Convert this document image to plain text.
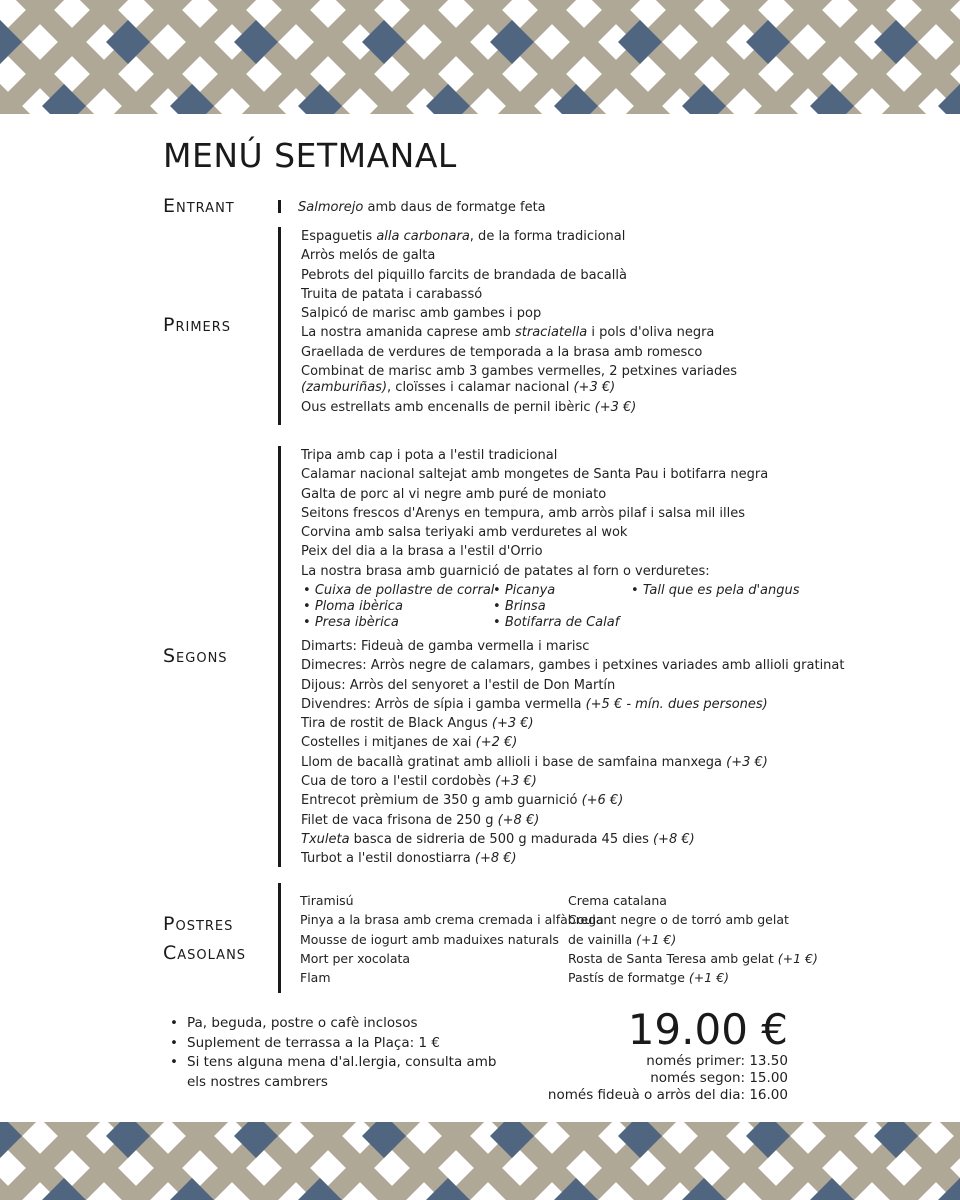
MENÚ SETMANAL
Entrant	Salmorejo amb daus de formatge feta
Primers
Espaguetis alla carbonara, de la forma tradicional
Arròs melós de galta
Pebrots del piquillo farcits de brandada de bacallà
Truita de patata i carabassó
Salpicó de marisc amb gambes i pop
La nostra amanida caprese amb straciatella i pols d'oliva negra
Graellada de verdures de temporada a la brasa amb romesco
Combinat de marisc amb 3 gambes vermelles, 2 petxines variades (zamburiñas), cloïsses i calamar nacional (+3 €)
Ous estrellats amb encenalls de pernil ibèric (+3 €)
Segons
Tripa amb cap i pota a l'estil tradicional
Calamar nacional saltejat amb mongetes de Santa Pau i botifarra negra
Galta de porc al vi negre amb puré de moniato
Seitons frescos d'Arenys en tempura, amb arròs pilaf i salsa mil illes
Corvina amb salsa teriyaki amb verduretes al wok
Peix del dia a la brasa a l'estil d'Orrio
La nostra brasa amb guarnició de patates al forn o verduretes:
• Cuixa de pollastre de corral
• Ploma ibèrica
• Presa ibèrica
• Picanya
• Brinsa
• Botifarra de Calaf
• Tall que es pela d'angus
Dimarts: Fideuà de gamba vermella i marisc
Dimecres: Arròs negre de calamars, gambes i petxines variades amb allioli gratinat
Dijous: Arròs del senyoret a l'estil de Don Martín
Divendres: Arròs de sípia i gamba vermella (+5 € - mín. dues persones)
Tira de rostit de Black Angus (+3 €)
Costelles i mitjanes de xai (+2 €)
Llom de bacallà gratinat amb allioli i base de samfaina manxega (+3 €)
Cua de toro a l'estil cordobès (+3 €)
Entrecot prèmium de 350 g amb guarnició (+6 €)
Filet de vaca frisona de 250 g (+8 €)
Txuleta basca de sidreria de 500 g madurada 45 dies (+8 €)
Turbot a l'estil donostiarra (+8 €)
Postres
Casolans
Tiramisú
Pinya a la brasa amb crema cremada i alfàbrega
Mousse de iogurt amb maduixes naturals
Mort per xocolata
Flam
Crema catalana
Coulant negre o de torró amb gelat
de vainilla (+1 €)
Rosta de Santa Teresa amb gelat (+1 €)
Pastís de formatge (+1 €)
• Pa, beguda, postre o cafè inclosos
• Suplement de terrassa a la Plaça: 1 €
• Si tens alguna mena d'al.lergia, consulta amb els nostres cambrers
19.00 €
només primer: 13.50
només segon: 15.00
només fideuà o arròs del dia: 16.00
